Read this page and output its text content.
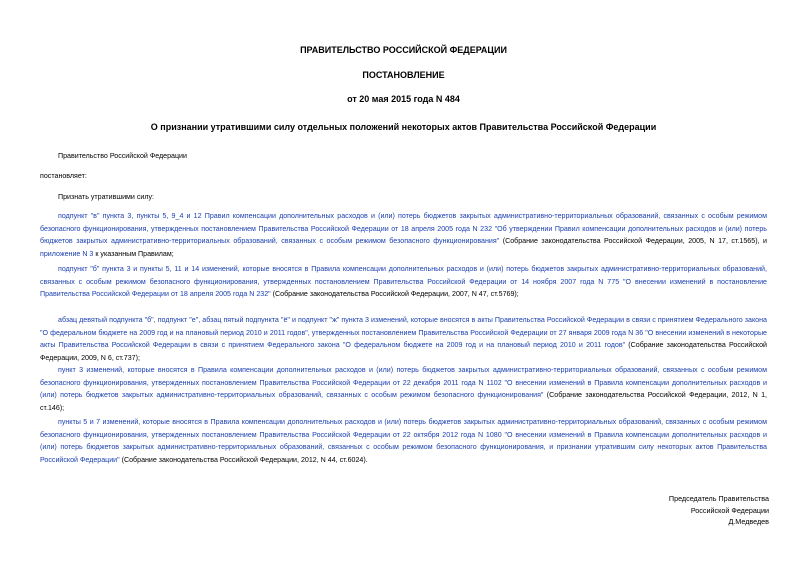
ПРАВИТЕЛЬСТВО РОССИЙСКОЙ ФЕДЕРАЦИИ
ПОСТАНОВЛЕНИЕ
от 20 мая 2015 года N 484
О признании утратившими силу отдельных положений некоторых актов Правительства Российской Федерации
Правительство Российской Федерации
постановляет:
Признать утратившими силу:
подпункт "в" пункта 3, пункты 5, 9_4 и 12 Правил компенсации дополнительных расходов и (или) потерь бюджетов закрытых административно-территориальных образований, связанных с особым режимом безопасного функционирования, утвержденных постановлением Правительства Российской Федерации от 18 апреля 2005 года N 232 "Об утверждении Правил компенсации дополнительных расходов и (или) потерь бюджетов закрытых административно-территориальных образований, связанных с особым режимом безопасного функционирования" (Собрание законодательства Российской Федерации, 2005, N 17, ст.1565), и приложение N 3 к указанным Правилам;
подпункт "б" пункта 3 и пункты 5, 11 и 14 изменений, которые вносятся в Правила компенсации дополнительных расходов и (или) потерь бюджетов закрытых административно-территориальных образований, связанных с особым режимом безопасного функционирования, утвержденных постановлением Правительства Российской Федерации от 14 ноября 2007 года N 775 "О внесении изменений в постановление Правительства Российской Федерации от 18 апреля 2005 года N 232" (Собрание законодательства Российской Федерации, 2007, N 47, ст.5769);
абзац девятый подпункта "б", подпункт "е", абзац пятый подпункта "ё" и подпункт "ж" пункта 3 изменений, которые вносятся в акты Правительства Российской Федерации в связи с принятием Федерального закона "О федеральном бюджете на 2009 год и на плановый период 2010 и 2011 годов", утвержденных постановлением Правительства Российской Федерации от 27 января 2009 года N 36 "О внесении изменений в некоторые акты Правительства Российской Федерации в связи с принятием Федерального закона "О федеральном бюджете на 2009 год и на плановый период 2010 и 2011 годов" (Собрание законодательства Российской Федерации, 2009, N 6, ст.737);
пункт 3 изменений, которые вносятся в Правила компенсации дополнительных расходов и (или) потерь бюджетов закрытых административно-территориальных образований, связанных с особым режимом безопасного функционирования, утвержденных постановлением Правительства Российской Федерации от 22 декабря 2011 года N 1102 "О внесении изменений в Правила компенсации дополнительных расходов и (или) потерь бюджетов закрытых административно-территориальных образований, связанных с особым режимом безопасного функционирования" (Собрание законодательства Российской Федерации, 2012, N 1, ст.146);
пункты 5 и 7 изменений, которые вносятся в Правила компенсации дополнительных расходов и (или) потерь бюджетов закрытых административно-территориальных образований, связанных с особым режимом безопасного функционирования, утвержденных постановлением Правительства Российской Федерации от 22 октября 2012 года N 1080 "О внесении изменений в Правила компенсации дополнительных расходов и (или) потерь бюджетов закрытых административно-территориальных образований, связанных с особым режимом безопасного функционирования, и признании утратившим силу некоторых актов Правительства Российской Федерации" (Собрание законодательства Российской Федерации, 2012, N 44, ст.6024).
Председатель Правительства
Российской Федерации
Д.Медведев
